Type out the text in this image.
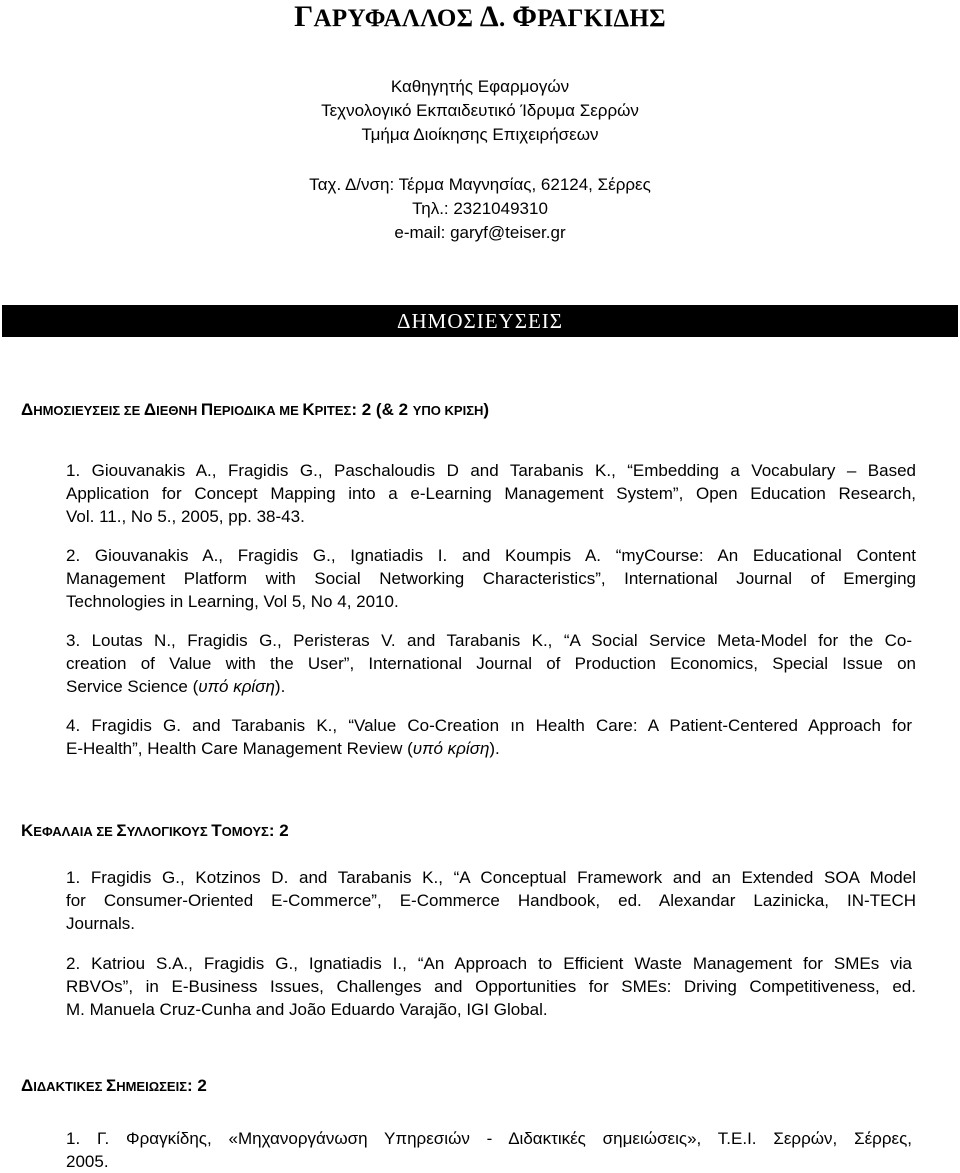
ΓΑΡΥΦΑΛΛΟΣ Δ. ΦΡΑΓΚΙΔΗΣ
Καθηγητής Εφαρμογών
Τεχνολογικό Εκπαιδευτικό Ίδρυμα Σερρών
Τμήμα Διοίκησης Επιχειρήσεων
Ταχ. Δ/νση: Τέρμα Μαγνησίας, 62124, Σέρρες
Τηλ.: 2321049310
e-mail: garyf@teiser.gr
ΔΗΜΟΣΙΕΥΣΕΙΣ
ΔΗΜΟΣΙΕΥΣΕΙΣ ΣΕ ΔΙΕΘΝΗ ΠΕΡΙΟΔΙΚΑ ΜΕ ΚΡΙΤΕΣ: 2 (& 2 ΥΠΟ ΚΡΙΣΗ)
1. Giouvanakis A., Fragidis G., Paschaloudis D and Tarabanis K., “Embedding a Vocabulary – Based
Application for Concept Mapping into a e-Learning Management System”, Open Education Research,
Vol. 11., No 5., 2005, pp. 38-43.
2. Giouvanakis A., Fragidis G., Ignatiadis I. and Koumpis A. “myCourse: An Educational Content
Management Platform with Social Networking Characteristics”, International Journal of Emerging
Technologies in Learning, Vol 5, No 4, 2010.
3. Loutas N., Fragidis G., Peristeras V. and Tarabanis K., “A Social Service Meta-Model for the Co-
creation of Value with the User”, International Journal of Production Economics, Special Issue on
Service Science (υπό κρίση).
4. Fragidis G. and Tarabanis K., “Value Co-Creation ın Health Care: A Patient-Centered Approach for
E-Health”, Health Care Management Review (υπό κρίση).
ΚΕΦΑΛΑΙΑ ΣΕ ΣΥΛΛΟΓΙΚΟΥΣ ΤΟΜΟΥΣ: 2
1. Fragidis G., Kotzinos D. and Tarabanis K., “A Conceptual Framework and an Extended SOA Model
for Consumer-Oriented E-Commerce”, E-Commerce Handbook, ed. Alexandar Lazinicka, IN-TECH
Journals.
2. Katriou S.A., Fragidis G., Ignatiadis I., “An Approach to Efficient Waste Management for SMEs via
RBVOs”, in E-Business Issues, Challenges and Opportunities for SMEs: Driving Competitiveness, ed.
M. Manuela Cruz-Cunha and João Eduardo Varajão, IGI Global.
ΔΙΔΑΚΤΙΚΕΣ ΣΗΜΕΙΩΣΕΙΣ: 2
1. Γ. Φραγκίδης, «Μηχανοργάνωση Υπηρεσιών - Διδακτικές σημειώσεις», Τ.Ε.Ι. Σερρών, Σέρρες,
2005.
